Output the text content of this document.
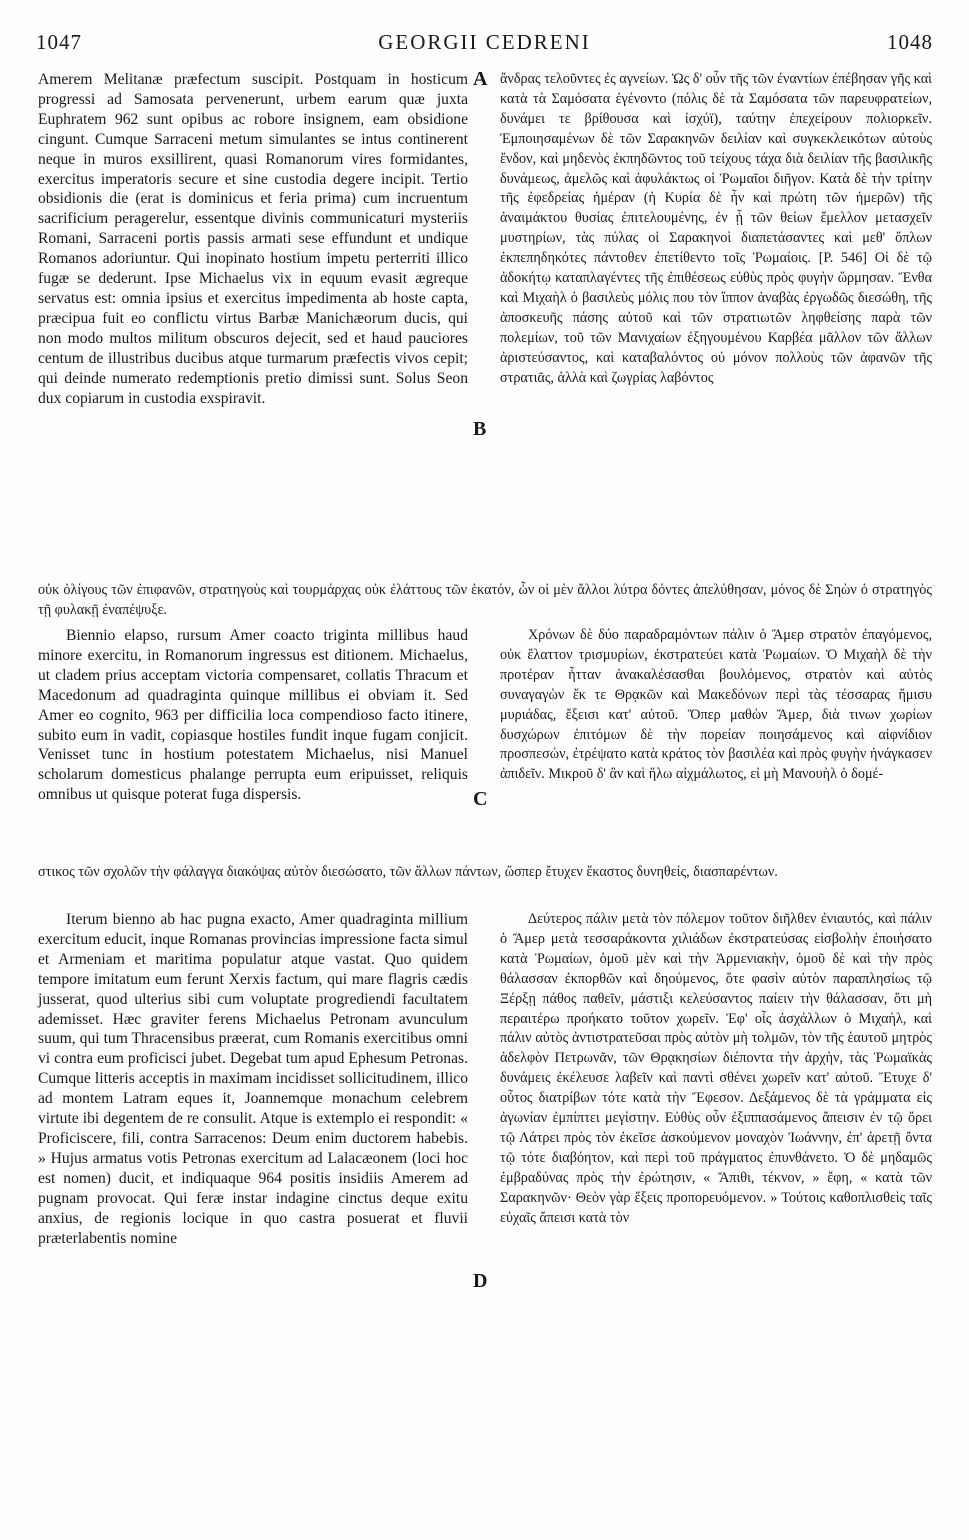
1047	GEORGII CEDRENI	1048

Amerem Melitanæ præfectum suscipit. Postquam in hosticum progressi ad Samosata pervenerunt, urbem earum quæ juxta Euphratem 962 sunt opibus ac robore insignem, eam obsidione cingunt. Cumque Sarraceni metum simulantes se intus continerent neque in muros exsillirent, quasi Romanorum vires formidantes, exercitus imperatoris secure et sine custodia degere incipit. Tertio obsidionis die (erat is dominicus et feria prima) cum incruentum sacrificium peragerelur, essentque divinis communicaturi mysteriis Romani, Sarraceni portis passis armati sese effundunt et undique Romanos adoriuntur. Qui inopinato hostium impetu perterriti illico fugæ se dederunt. Ipse Michaelus vix in equum evasit ægreque servatus est: omnia ipsius et exercitus impedimenta ab hoste capta, præcipua fuit eo conflictu virtus Barbæ Manichæorum ducis, qui non modo multos militum obscuros dejecit, sed et haud pauciores centum de illustribus ducibus atque turmarum præfectis vivos cepit; qui deinde numerato redemptionis pretio dimissi sunt. Solus Seon dux copiarum in custodia exspiravit.

ἄνδρας τελοῦντες ἐς αγνείων. Ὡς δ' οὖν τῆς τῶν ἐναντίων ἐπέβησαν γῆς καὶ κατὰ τὰ Σαμόσατα ἐγένοντο (πόλις δὲ τὰ Σαμόσατα τῶν παρευφρατείων, δυνάμει τε βρίθουσα καὶ ἰσχύϊ), ταύτην ἐπεχείρουν πολιορκεῖν. Ἐμποιησαμένων δὲ τῶν Σαρακηνῶν δειλίαν καὶ συγκεκλεικότων αὐτοὺς ἔνδον, καὶ μηδενὸς ἐκπηδῶντος τοῦ τείχους τάχα διὰ δειλίαν τῆς βασιλικῆς δυνάμεως, ἀμελῶς καὶ ἀφυλάκτως οἱ Ῥωμαῖοι διῆγον. Κατὰ δὲ τὴν τρίτην τῆς ἐφεδρείας ἡμέραν (ἡ Κυρία δὲ ἦν καὶ πρώτη τῶν ἡμερῶν) τῆς ἀναιμάκτου θυσίας ἐπιτελουμένης, ἐν ᾗ τῶν θείων ἔμελλον μετασχεῖν μυστηρίων, τὰς πύλας οἱ Σαρακηνοὶ διαπετάσαντες καὶ μεθ' ὅπλων ἐκπεπηδηκότες πάντοθεν ἐπετίθεντο τοῖς Ῥωμαίοις. [P. 546] Οἱ δὲ τῷ ἀδοκήτῳ καταπλαγέντες τῆς ἐπιθέσεως εὐθὺς πρὸς φυγὴν ὥρμησαν. Ἔνθα καὶ Μιχαὴλ ὁ βασιλεὺς μόλις που τὸν ἵππον ἀναβὰς ἐργωδῶς διεσώθη, τῆς ἀποσκευῆς πάσης αὐτοῦ καὶ τῶν στρατιωτῶν ληφθείσης παρὰ τῶν πολεμίων, τοῦ τῶν Μανιχαίων ἐξηγουμένου Καρβέα μᾶλλον τῶν ἄλλων ἀριστεύσαντος, καὶ καταβαλόντος οὐ μόνον πολλοὺς τῶν ἀφανῶν τῆς στρατιᾶς, ἀλλὰ καὶ ζωγρίας λαβόντος

οὐκ ὀλίγους τῶν ἐπιφανῶν, στρατηγοὺς καὶ τουρμάρχας οὐκ ἐλάττους τῶν ἑκατόν, ὧν οἱ μὲν ἄλλοι λύτρα δόντες ἀπελύθησαν, μόνος δὲ Σηὼν ὁ στρατηγὸς τῇ φυλακῇ ἐναπέψυξε.

Biennio elapso, rursum Amer coacto triginta millibus haud minore exercitu, in Romanorum ingressus est ditionem. Michaelus, ut cladem prius acceptam victoria compensaret, collatis Thracum et Macedonum ad quadraginta quinque millibus ei obviam it. Sed Amer eo cognito, 963 per difficilia loca compendioso facto itinere, subito eum in vadit, copiasque hostiles fundit inque fugam conjicit. Venisset tunc in hostium potestatem Michaelus, nisi Manuel scholarum domesticus phalange perrupta eum eripuisset, reliquis omnibus ut quisque poterat fuga dispersis.

Χρόνων δὲ δύο παραδραμόντων πάλιν ὁ Ἄμερ στρατὸν ἐπαγόμενος, οὐκ ἔλαττον τρισμυρίων, ἐκστρατεύει κατὰ Ῥωμαίων. Ὁ Μιχαὴλ δὲ τὴν προτέραν ἧτταν ἀνακαλέσασθαι βουλόμενος, στρατὸν καὶ αὐτὸς συναγαγὼν ἔκ τε Θρᾳκῶν καὶ Μακεδόνων περὶ τὰς τέσσαρας ἥμισυ μυριάδας, ἔξεισι κατ' αὐτοῦ. Ὅπερ μαθὼν Ἄμερ, διὰ τινων χωρίων δυσχώρων ἐπιτόμων δὲ τὴν πορείαν ποιησάμενος καὶ αἰφνίδιον προσπεσών, ἐτρέψατο κατὰ κράτος τὸν βασιλέα καὶ πρὸς φυγὴν ἠνάγκασεν ἀπιδεῖν. Μικροῦ δ' ἂν καὶ ἥλω αἰχμάλωτος, εἰ μὴ Μανουὴλ ὁ δομέ-

στικος τῶν σχολῶν τὴν φάλαγγα διακόψας αὐτὸν διεσώσατο, τῶν ἄλλων πάντων, ὥσπερ ἔτυχεν ἕκαστος δυνηθείς, διασπαρέντων.

Iterum bienno ab hac pugna exacto, Amer quadraginta millium exercitum educit, inque Romanas provincias impressione facta simul et Armeniam et maritima populatur atque vastat. Quo quidem tempore imitatum eum ferunt Xerxis factum, qui mare flagris cædis jusserat, quod ulterius sibi cum voluptate progrediendi facultatem ademisset. Hæc graviter ferens Michaelus Petronam avunculum suum, qui tum Thracensibus præerat, cum Romanis exercitibus omni vi contra eum proficisci jubet. Degebat tum apud Ephesum Petronas. Cumque litteris acceptis in maximam incidisset sollicitudinem, illico ad montem Latram eques it, Joannemque monachum celebrem virtute ibi degentem de re consulit. Atque is extemplo ei respondit: « Proficiscere, fili, contra Sarracenos: Deum enim ductorem habebis. » Hujus armatus votis Petronas exercitum ad Lalacæonem (loci hoc est nomen) ducit, et indiquaque 964 positis insidiis Amerem ad pugnam provocat. Qui feræ instar indagine cinctus deque exitu anxius, de regionis locique in quo castra posuerat et fluvii præterlabentis nomine

Δεύτερος πάλιν μετὰ τὸν πόλεμον τοῦτον διῆλθεν ἐνιαυτός, καὶ πάλιν ὁ Ἄμερ μετὰ τεσσαράκοντα χιλιάδων ἐκστρατεύσας εἰσβολὴν ἐποιήσατο κατὰ Ῥωμαίων, ὁμοῦ μὲν καὶ τὴν Ἀρμενιακὴν, ὁμοῦ δὲ καὶ τὴν πρὸς θάλασσαν ἐκπορθῶν καὶ δηούμενος, ὅτε φασὶν αὐτὸν παραπλησίως τῷ Ξέρξῃ πάθος παθεῖν, μάστιξι κελεύσαντος παίειν τὴν θάλασσαν, ὅτι μὴ περαιτέρω προήκατο τοῦτον χωρεῖν. Ἐφ' οἷς ἀσχάλλων ὁ Μιχαὴλ, καὶ πάλιν αὐτὸς ἀντιστρατεῦσαι πρὸς αὐτὸν μὴ τολμῶν, τὸν τῆς ἑαυτοῦ μητρὸς ἀδελφὸν Πετρωνᾶν, τῶν Θρᾳκησίων διέποντα τὴν ἀρχὴν, τὰς Ῥωμαϊκὰς δυνάμεις ἐκέλευσε λαβεῖν καὶ παντὶ σθένει χωρεῖν κατ' αὐτοῦ. Ἔτυχε δ' οὗτος διατρίβων τότε κατὰ τὴν Ἔφεσον. Δεξάμενος δὲ τὰ γράμματα εἰς ἀγωνίαν ἐμπίπτει μεγίστην. Εὐθὺς οὖν ἐξιππασάμενος ἄπεισιν ἐν τῷ ὄρει τῷ Λάτρει πρὸς τὸν ἐκεῖσε ἀσκούμενον μοναχὸν Ἰωάννην, ἐπ' ἀρετῇ ὄντα τῷ τότε διαβόητον, καὶ περὶ τοῦ πράγματος ἐπυνθάνετο. Ὁ δὲ μηδαμῶς ἐμβραδύνας πρὸς τὴν ἐρώτησιν, « Ἄπιθι, τέκνον, » ἔφη, « κατὰ τῶν Σαρακηνῶν· Θεὸν γὰρ ἕξεις προπορευόμενον. » Τούτοις καθοπλισθεὶς ταῖς εὐχαῖς ἄπεισι κατὰ τὸν

A
B
C
D
